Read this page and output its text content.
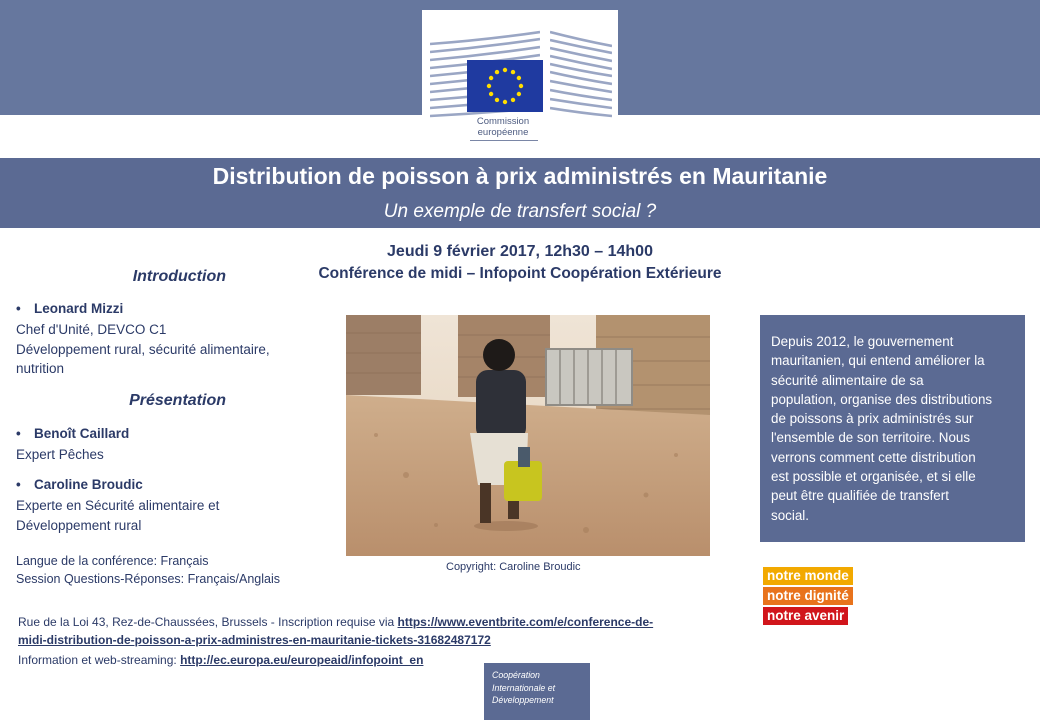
Commission
européenne
Distribution de poisson à prix administrés en Mauritanie
Un exemple de transfert social ?
Jeudi 9 février 2017, 12h30 – 14h00
Conférence de midi – Infopoint Coopération Extérieure
Introduction
• Leonard Mizzi
Chef d'Unité, DEVCO C1
Développement rural, sécurité alimentaire,
nutrition
Présentation
• Benoît Caillard
Expert Pêches
• Caroline Broudic
Experte en Sécurité alimentaire et
Développement rural
Langue de la conférence: Français
Session Questions-Réponses: Français/Anglais
Copyright: Caroline Broudic
Depuis 2012, le gouvernement
mauritanien, qui entend améliorer la
sécurité alimentaire de sa
population, organise des distributions
de poissons à prix administrés sur
l'ensemble de son territoire. Nous
verrons comment cette distribution
est possible et organisée, et si elle
peut être qualifiée de transfert
social.
notre monde
notre dignité
notre avenir
Rue de la Loi 43, Rez-de-Chaussées, Brussels - Inscription requise via https://www.eventbrite.com/e/conference-de-
midi-distribution-de-poisson-a-prix-administres-en-mauritanie-tickets-31682487172
Information et web-streaming: http://ec.europa.eu/europeaid/infopoint_en
Coopération
Internationale et
Développement
